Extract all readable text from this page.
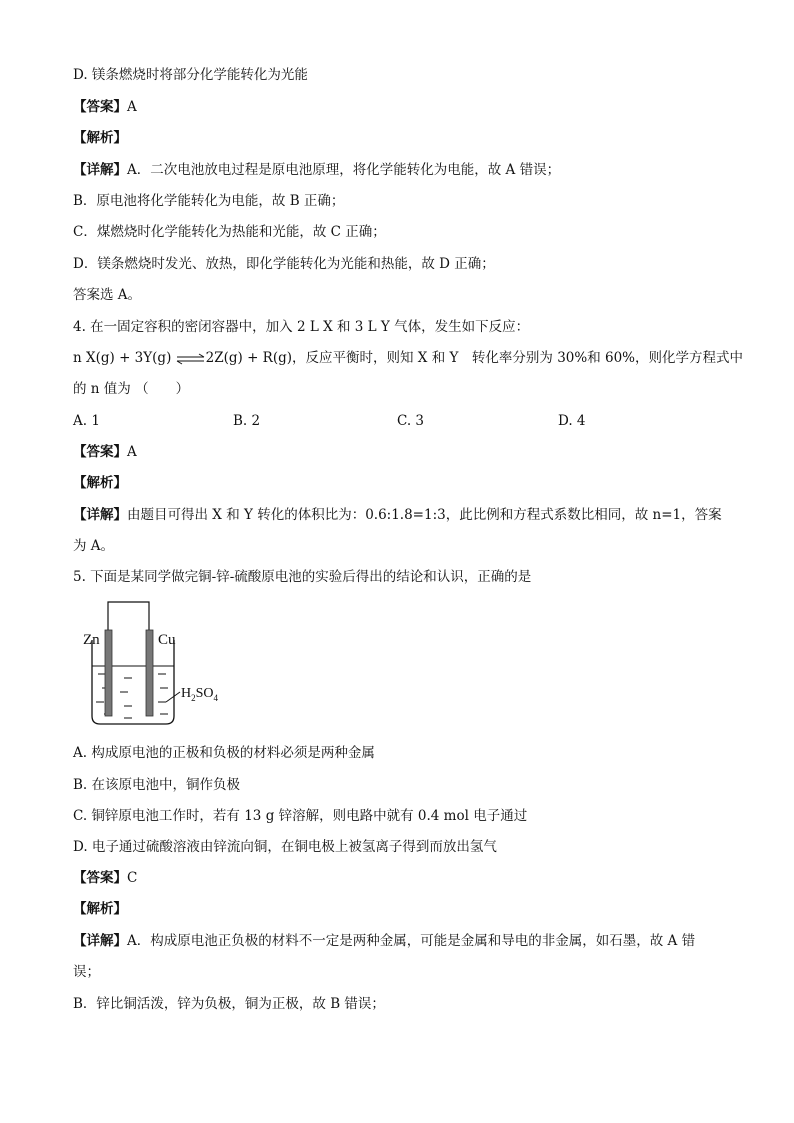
D. 镁条燃烧时将部分化学能转化为光能
【答案】A
【解析】
【详解】A．二次电池放电过程是原电池原理，将化学能转化为电能，故 A 错误；
B．原电池将化学能转化为电能，故 B 正确；
C．煤燃烧时化学能转化为热能和光能，故 C 正确；
D．镁条燃烧时发光、放热，即化学能转化为光能和热能，故 D 正确；
答案选 A。
4. 在一固定容积的密闭容器中，加入 2 L X 和 3 L Y 气体，发生如下反应：
n X(g) + 3Y(g) ⇌2Z(g) + R(g)，反应平衡时，则知 X 和 Y　转化率分别为 30%和 60%，则化学方程式中
的 n 值为 （　　）
A. 1	B. 2	C. 3	D. 4
【答案】A
【解析】
【详解】由题目可得出 X 和 Y 转化的体积比为：0.6:1.8=1:3，此比例和方程式系数比相同，故 n=1，答案
为 A。
5. 下面是某同学做完铜-锌-硫酸原电池的实验后得出的结论和认识，正确的是
Zn	Cu
$H_2SO_4$
A. 构成原电池的正极和负极的材料必须是两种金属
B. 在该原电池中，铜作负极
C. 铜锌原电池工作时，若有 13 g 锌溶解，则电路中就有 0.4 mol 电子通过
D. 电子通过硫酸溶液由锌流向铜，在铜电极上被氢离子得到而放出氢气
【答案】C
【解析】
【详解】A．构成原电池正负极的材料不一定是两种金属，可能是金属和导电的非金属，如石墨，故 A 错
误；
B．锌比铜活泼，锌为负极，铜为正极，故 B 错误；
